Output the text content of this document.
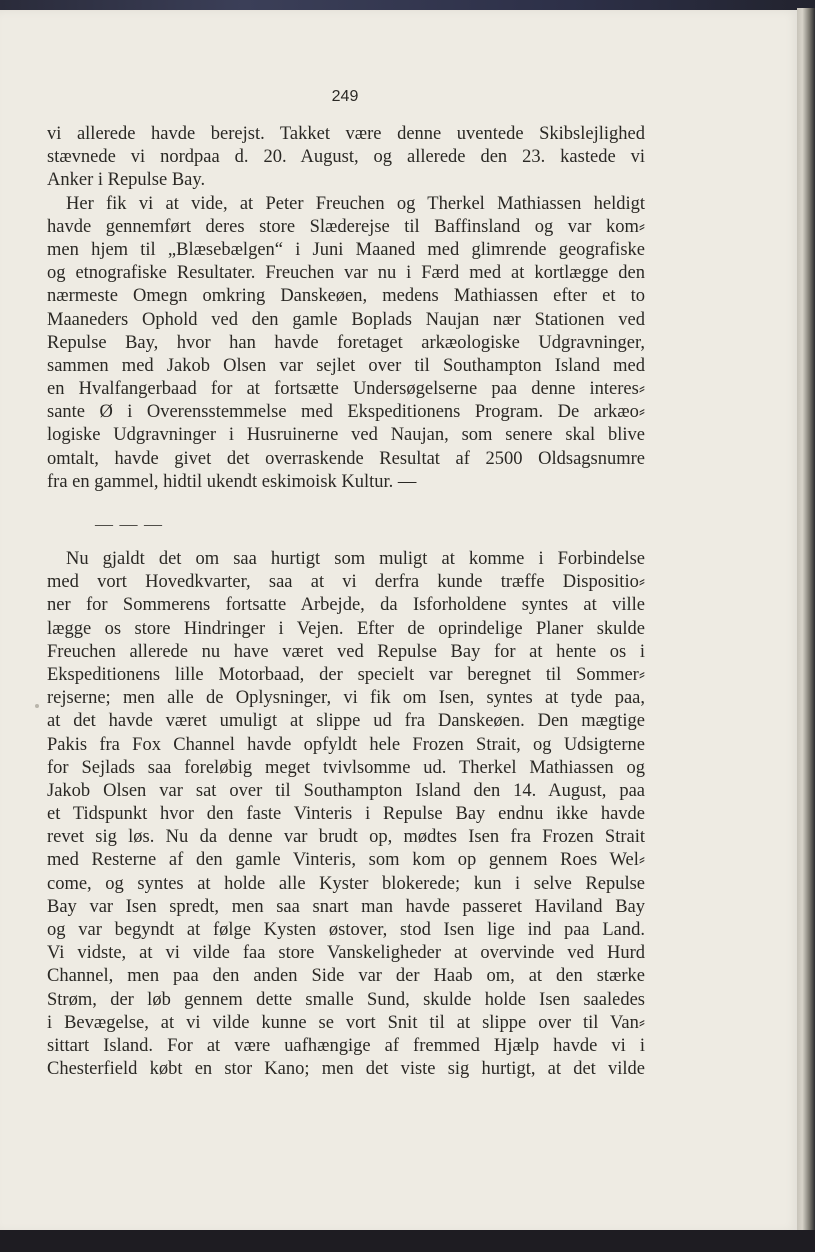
249
vi allerede havde berejst. Takket være denne uventede Skibslejlighed
stævnede vi nordpaa d. 20. August, og allerede den 23. kastede vi
Anker i Repulse Bay.
Her fik vi at vide, at Peter Freuchen og Therkel Mathiassen heldigt
havde gennemført deres store Slæderejse til Baffinsland og var kom⸗
men hjem til „Blæsebælgen“ i Juni Maaned med glimrende geografiske
og etnografiske Resultater. Freuchen var nu i Færd med at kortlægge den
nærmeste Omegn omkring Danskeøen, medens Mathiassen efter et to
Maaneders Ophold ved den gamle Boplads Naujan nær Stationen ved
Repulse Bay, hvor han havde foretaget arkæologiske Udgravninger,
sammen med Jakob Olsen var sejlet over til Southampton Island med
en Hvalfangerbaad for at fortsætte Undersøgelserne paa denne interes⸗
sante Ø i Overensstemmelse med Ekspeditionens Program. De arkæo⸗
logiske Udgravninger i Husruinerne ved Naujan, som senere skal blive
omtalt, havde givet det overraskende Resultat af 2500 Oldsagsnumre
fra en gammel, hidtil ukendt eskimoisk Kultur. —
— — —
Nu gjaldt det om saa hurtigt som muligt at komme i Forbindelse
med vort Hovedkvarter, saa at vi derfra kunde træffe Dispositio⸗
ner for Sommerens fortsatte Arbejde, da Isforholdene syntes at ville
lægge os store Hindringer i Vejen. Efter de oprindelige Planer skulde
Freuchen allerede nu have været ved Repulse Bay for at hente os i
Ekspeditionens lille Motorbaad, der specielt var beregnet til Sommer⸗
rejserne; men alle de Oplysninger, vi fik om Isen, syntes at tyde paa,
at det havde været umuligt at slippe ud fra Danskeøen. Den mægtige
Pakis fra Fox Channel havde opfyldt hele Frozen Strait, og Udsigterne
for Sejlads saa foreløbig meget tvivlsomme ud. Therkel Mathiassen og
Jakob Olsen var sat over til Southampton Island den 14. August, paa
et Tidspunkt hvor den faste Vinteris i Repulse Bay endnu ikke havde
revet sig løs. Nu da denne var brudt op, mødtes Isen fra Frozen Strait
med Resterne af den gamle Vinteris, som kom op gennem Roes Wel⸗
come, og syntes at holde alle Kyster blokerede; kun i selve Repulse
Bay var Isen spredt, men saa snart man havde passeret Haviland Bay
og var begyndt at følge Kysten østover, stod Isen lige ind paa Land.
Vi vidste, at vi vilde faa store Vanskeligheder at overvinde ved Hurd
Channel, men paa den anden Side var der Haab om, at den stærke
Strøm, der løb gennem dette smalle Sund, skulde holde Isen saaledes
i Bevægelse, at vi vilde kunne se vort Snit til at slippe over til Van⸗
sittart Island. For at være uafhængige af fremmed Hjælp havde vi i
Chesterfield købt en stor Kano; men det viste sig hurtigt, at det vilde
